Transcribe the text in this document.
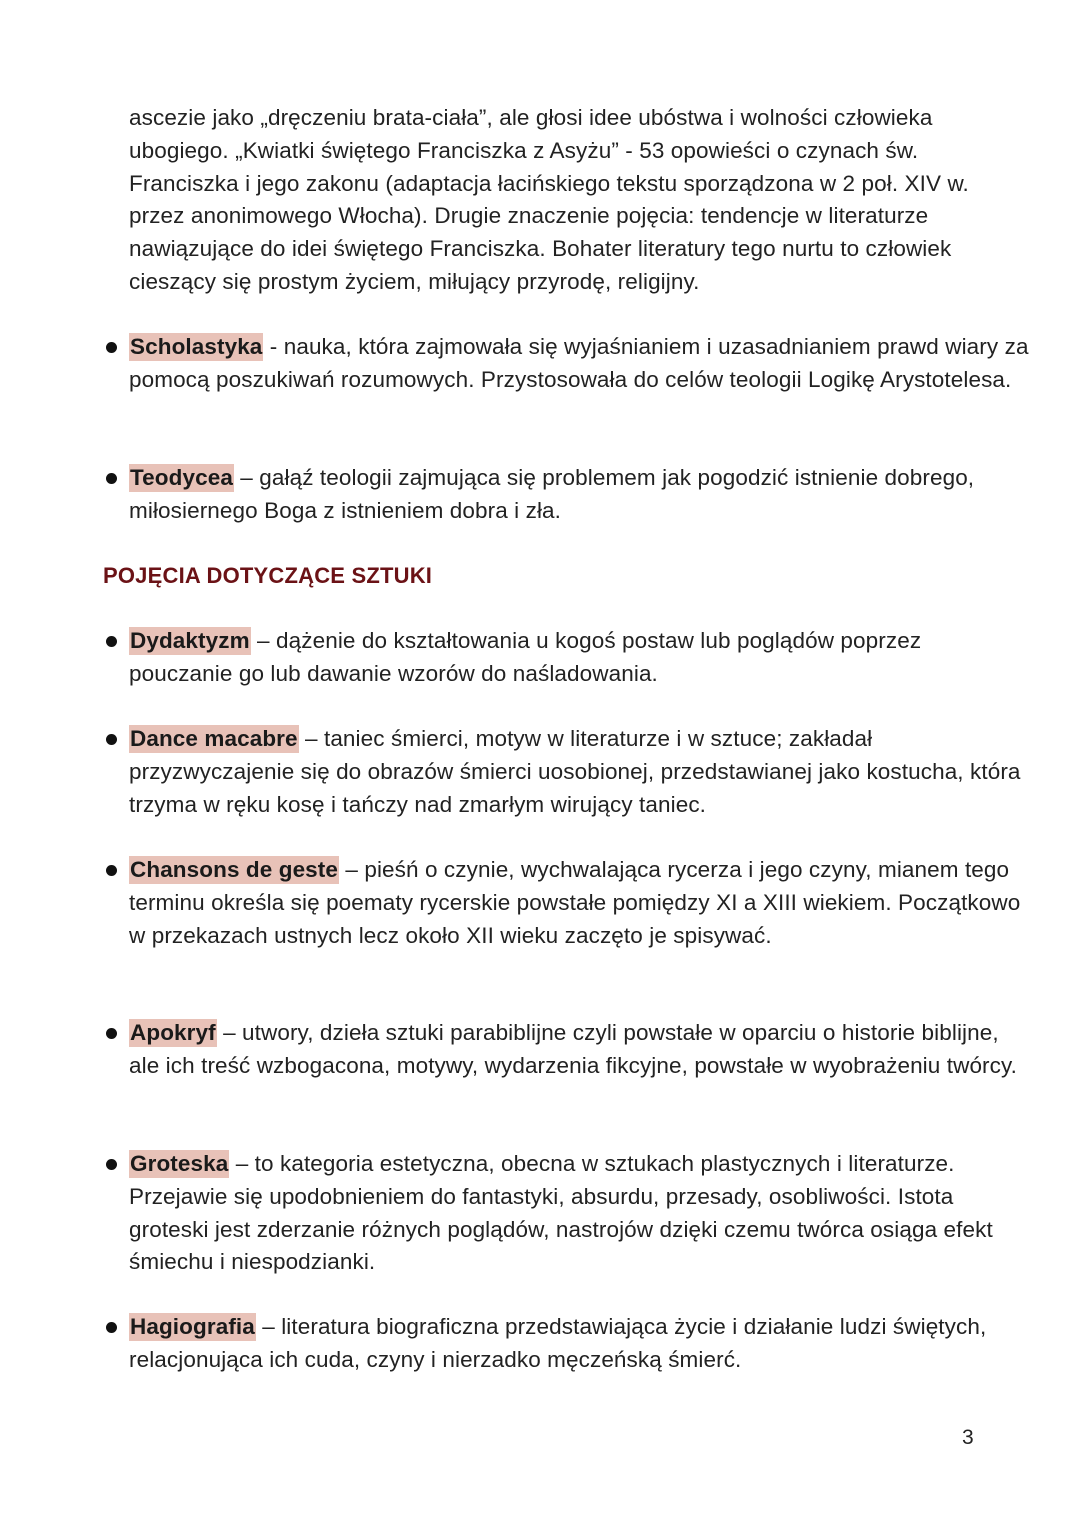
ascezie jako „dręczeniu brata-ciała”, ale głosi idee ubóstwa i wolności człowieka ubogiego. „Kwiatki świętego Franciszka z Asyżu” - 53 opowieści o czynach św. Franciszka i jego zakonu (adaptacja łacińskiego tekstu sporządzona w 2 poł. XIV w. przez anonimowego Włocha). Drugie znaczenie pojęcia: tendencje w literaturze nawiązujące do idei świętego Franciszka. Bohater literatury tego nurtu to człowiek cieszący się prostym życiem, miłujący przyrodę, religijny.

Scholastyka - nauka, która zajmowała się wyjaśnianiem i uzasadnianiem prawd wiary za pomocą poszukiwań rozumowych. Przystosowała do celów teologii Logikę Arystotelesa.
Teodycea – gałąź teologii zajmująca się problemem jak pogodzić istnienie dobrego, miłosiernego Boga z istnieniem dobra i zła.
POJĘCIA DOTYCZĄCE SZTUKI
Dydaktyzm – dążenie do kształtowania u kogoś postaw lub poglądów poprzez pouczanie go lub dawanie wzorów do naśladowania.
Dance macabre – taniec śmierci, motyw w literaturze i w sztuce; zakładał przyzwyczajenie się do obrazów śmierci uosobionej, przedstawianej jako kostucha, która trzyma w ręku kosę i tańczy nad zmarłym wirujący taniec.
Chansons de geste – pieśń o czynie, wychwalająca rycerza i jego czyny, mianem tego terminu określa się poematy rycerskie powstałe pomiędzy XI a XIII wiekiem. Początkowo w przekazach ustnych lecz około XII wieku zaczęto je spisywać.
Apokryf – utwory, dzieła sztuki parabiblijne czyli powstałe w oparciu o historie biblijne, ale ich treść wzbogacona, motywy, wydarzenia fikcyjne, powstałe w wyobrażeniu twórcy.
Groteska – to kategoria estetyczna, obecna w sztukach plastycznych i literaturze. Przejawie się upodobnieniem do fantastyki, absurdu, przesady, osobliwości. Istota groteski jest zderzanie różnych poglądów, nastrojów dzięki czemu twórca osiąga efekt śmiechu i niespodzianki.
Hagiografia – literatura biograficzna przedstawiająca życie i działanie ludzi świętych, relacjonująca ich cuda, czyny i nierzadko męczeńską śmierć.
3
